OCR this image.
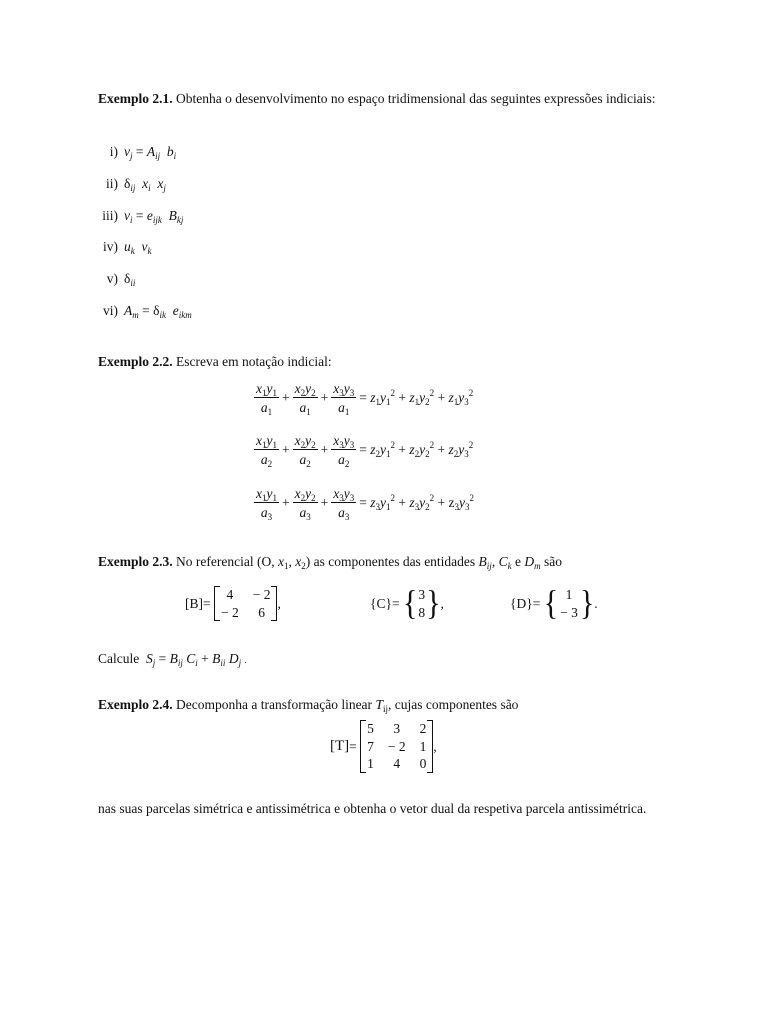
Exemplo 2.1. Obtenha o desenvolvimento no espaço tridimensional das seguintes expressões indiciais:
i) $v_j = A_{ij}$ $b_i$
ii) $\delta_{ij}$ $x_i$ $x_j$
iii) $v_i = e_{ijk}$ $B_{kj}$
iv) $u_k$ $v_k$
v) $\delta_{ii}$
vi) $A_m = \delta_{ik}$ $e_{ikm}$
Exemplo 2.2. Escreva em notação indicial:
$\frac{x_1y_1}{a_1} + \frac{x_2y_2}{a_1} + \frac{x_3y_3}{a_1} = z_1y_1^2 + z_1y_2^2 + z_1y_3^2$
$\frac{x_1y_1}{a_2} + \frac{x_2y_2}{a_2} + \frac{x_3y_3}{a_2} = z_2y_1^2 + z_2y_2^2 + z_2y_3^2$
$\frac{x_1y_1}{a_3} + \frac{x_2y_2}{a_3} + \frac{x_3y_3}{a_3} = z_3y_1^2 + z_3y_2^2 + z_3y_3^2$
Exemplo 2.3. No referencial (O, $x_1$, $x_2$) as componentes das entidades $B_{ij}$, $C_k$ e $D_m$ são
[B]=
4	− 2
− 2	6
,	{C}= { 3
8 },	{D}= { 1
− 3 }.
Calcule $S_j = B_{ij}$ $C_i + B_{ii}$ $D_j$ .
Exemplo 2.4. Decomponha a transformação linear $T_{ij}$, cujas componentes são
[T]=
5	3	2
7	− 2	1
1	4	0
,
nas suas parcelas simétrica e antissimétrica e obtenha o vetor dual da respetiva parcela antissimétrica.
